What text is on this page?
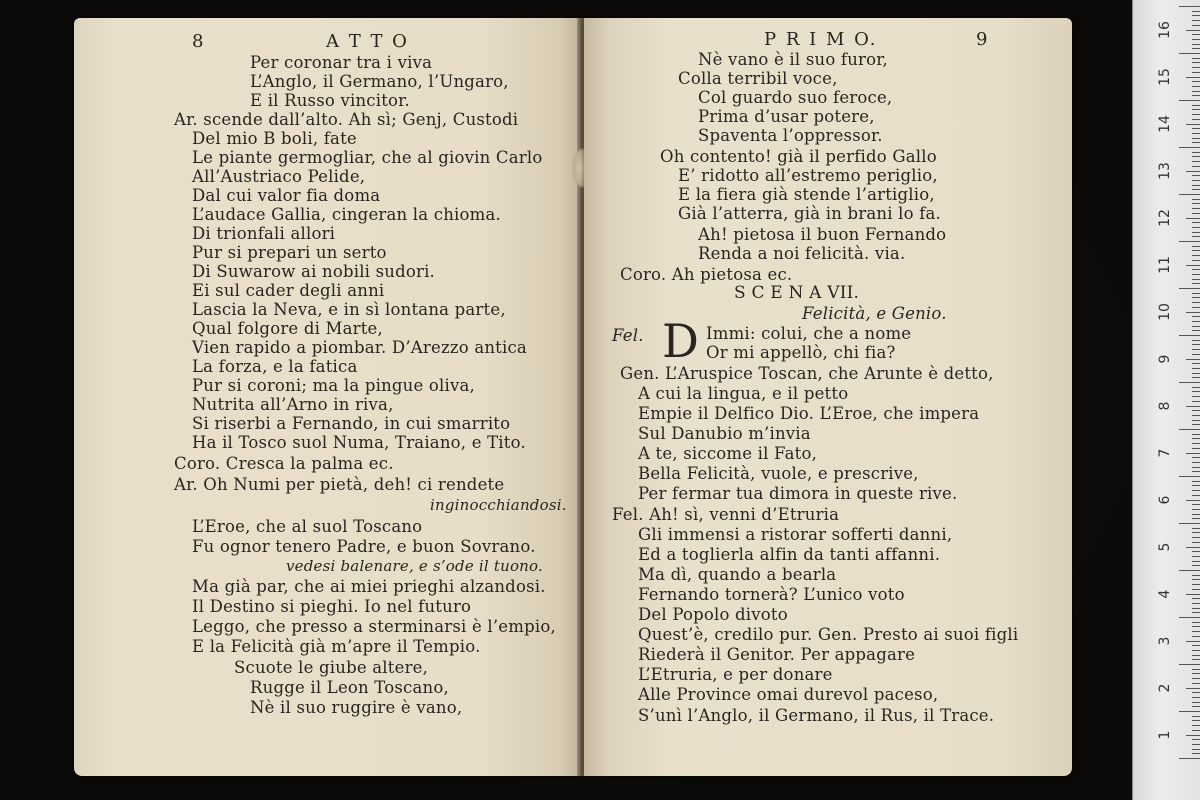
8	A T T O
Per coronar tra i viva
L’Anglo, il Germano, l’Ungaro,
E il Russo vincitor.
Ar. scende dall’alto. Ah sì; Genj, Custodi
Del mio B boli, fate
Le piante germogliar, che al giovin Carlo
All’Austriaco Pelide,
Dal cui valor fia doma
L’audace Gallia, cingeran la chioma.
Di trionfali allori
Pur si prepari un serto
Di Suwarow ai nobili sudori.
Ei sul cader degli anni
Lascia la Neva, e in sì lontana parte,
Qual folgore di Marte,
Vien rapido a piombar. D’Arezzo antica
La forza, e la fatica
Pur si coroni; ma la pingue oliva,
Nutrita all’Arno in riva,
Si riserbi a Fernando, in cui smarrito
Ha il Tosco suol Numa, Traiano, e Tito.
Coro. Cresca la palma ec.
Ar. Oh Numi per pietà, deh! ci rendete
inginocchiandosi.
L’Eroe, che al suol Toscano
Fu ognor tenero Padre, e buon Sovrano.
vedesi balenare, e s’ode il tuono.
Ma già par, che ai miei prieghi alzandosi.
Il Destino si pieghi. Io nel futuro
Leggo, che presso a sterminarsi è l’empio,
E la Felicità già m’apre il Tempio.
Scuote le giube altere,
Rugge il Leon Toscano,
Nè il suo ruggire è vano,
P R I M O.	9
Nè vano è il suo furor,
Colla terribil voce,
Col guardo suo feroce,
Prima d’usar potere,
Spaventa l’oppressor.
Oh contento! già il perfido Gallo
E’ ridotto all’estremo periglio,
E la fiera già stende l’artiglio,
Già l’atterra, già in brani lo fa.
Ah! pietosa il buon Fernando
Renda a noi felicità. via.
Coro. Ah pietosa ec.
S C E N A VII.
Felicità, e Genio.
Fel. D Immi: colui, che a nome
Or mi appellò, chi fia?
Gen. L’Aruspice Toscan, che Arunte è detto,
A cui la lingua, e il petto
Empie il Delfico Dio. L’Eroe, che impera
Sul Danubio m’invia
A te, siccome il Fato,
Bella Felicità, vuole, e prescrive,
Per fermar tua dimora in queste rive.
Fel. Ah! sì, venni d’Etruria
Gli immensi a ristorar sofferti danni,
Ed a toglierla alfin da tanti affanni.
Ma dì, quando a bearla
Fernando tornerà? L’unico voto
Del Popolo divoto
Quest’è, credilo pur. Gen. Presto ai suoi figli
Riederà il Genitor. Per appagare
L’Etruria, e per donare
Alle Province omai durevol paceso,
S’unì l’Anglo, il Germano, il Rus, il Trace.
16
15
14
13
12
11
10
9
8
7
6
5
4
3
2
1
